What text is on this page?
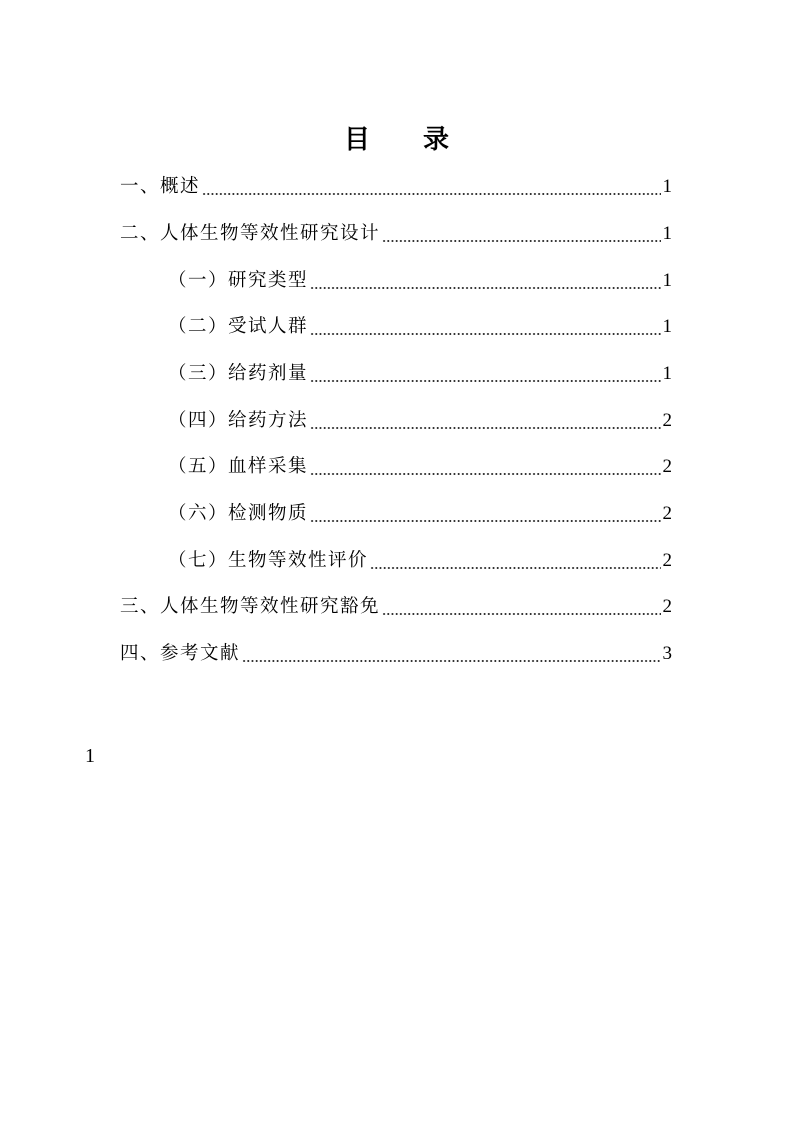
目 录
一、概述	1
二、人体生物等效性研究设计	1
（一）研究类型	1
（二）受试人群	1
（三）给药剂量	1
（四）给药方法	2
（五）血样采集	2
（六）检测物质	2
（七）生物等效性评价	2
三、人体生物等效性研究豁免	2
四、参考文献	3
1
